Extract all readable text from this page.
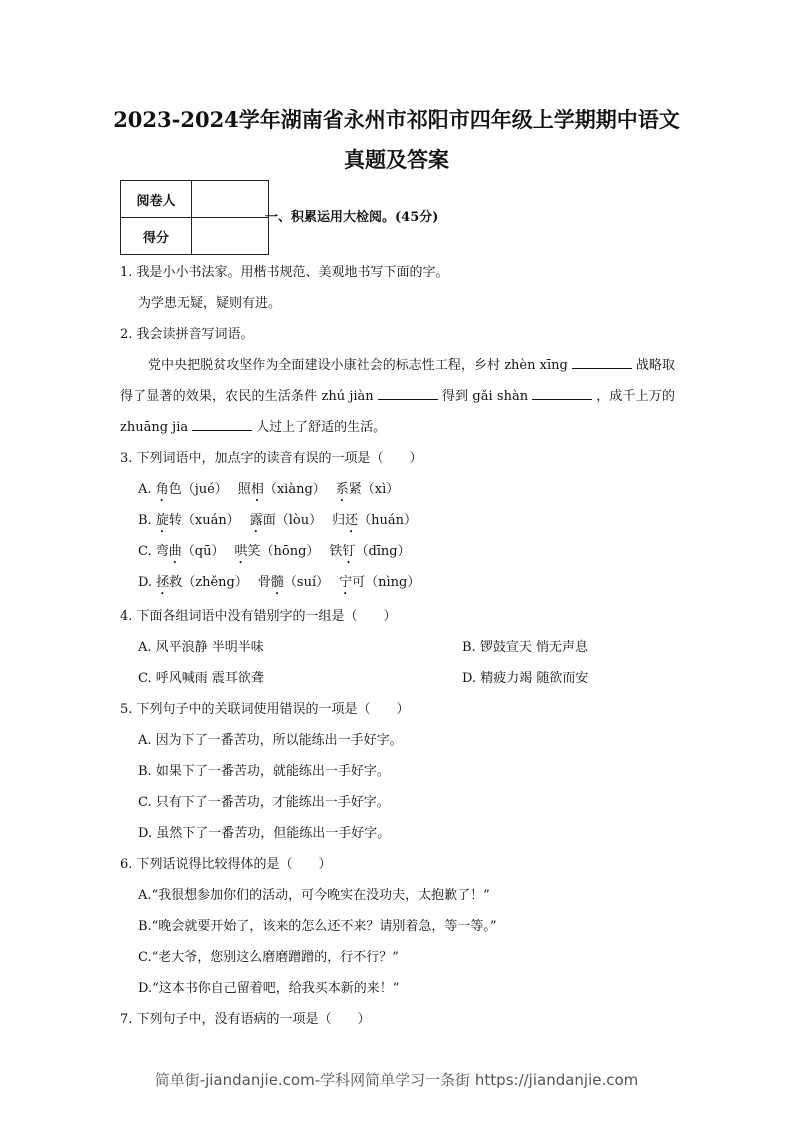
2023-2024学年湖南省永州市祁阳市四年级上学期期中语文
真题及答案
阅卷人	
得分	
一、积累运用大检阅。(45分)
1. 我是小小书法家。用楷书规范、美观地书写下面的字。
为学患无疑，疑则有进。
2. 我会读拼音写词语。
党中央把脱贫攻坚作为全面建设小康社会的标志性工程，乡村 zhèn xīng	战略取得了显著的效果，农民的生活条件 zhú jiàn	得到 gǎi shàn	，成千上万的 zhuāng jia	人过上了舒适的生活。
3. 下列词语中，加点字的读音有误的一项是（　　）
A. 角色（jué） 照相（xiàng） 系紧（xì）
B. 旋转（xuán） 露面（lòu） 归还（huán）
C. 弯曲（qū） 哄笑（hōng） 铁钉（dīng）
D. 拯救（zhěng） 骨髓（suí） 宁可（nìng）
4. 下面各组词语中没有错别字的一组是（　　）
A. 风平浪静 半明半味	B. 锣鼓宣天 悄无声息
C. 呼风喊雨 震耳欲聋	D. 精疲力竭 随欲而安
5. 下列句子中的关联词使用错误的一项是（　　）
A. 因为下了一番苦功，所以能练出一手好字。
B. 如果下了一番苦功，就能练出一手好字。
C. 只有下了一番苦功，才能练出一手好字。
D. 虽然下了一番苦功，但能练出一手好字。
6. 下列话说得比较得体的是（　　）
A.“我很想参加你们的活动，可今晚实在没功夫，太抱歉了！”
B.“晚会就要开始了，该来的怎么还不来？请别着急，等一等。”
C.“老大爷，您别这么磨磨蹭蹭的，行不行？”
D.“这本书你自己留着吧，给我买本新的来！”
7. 下列句子中，没有语病的一项是（　　）
简单街-jiandanjie.com-学科网简单学习一条街 https://jiandanjie.com
